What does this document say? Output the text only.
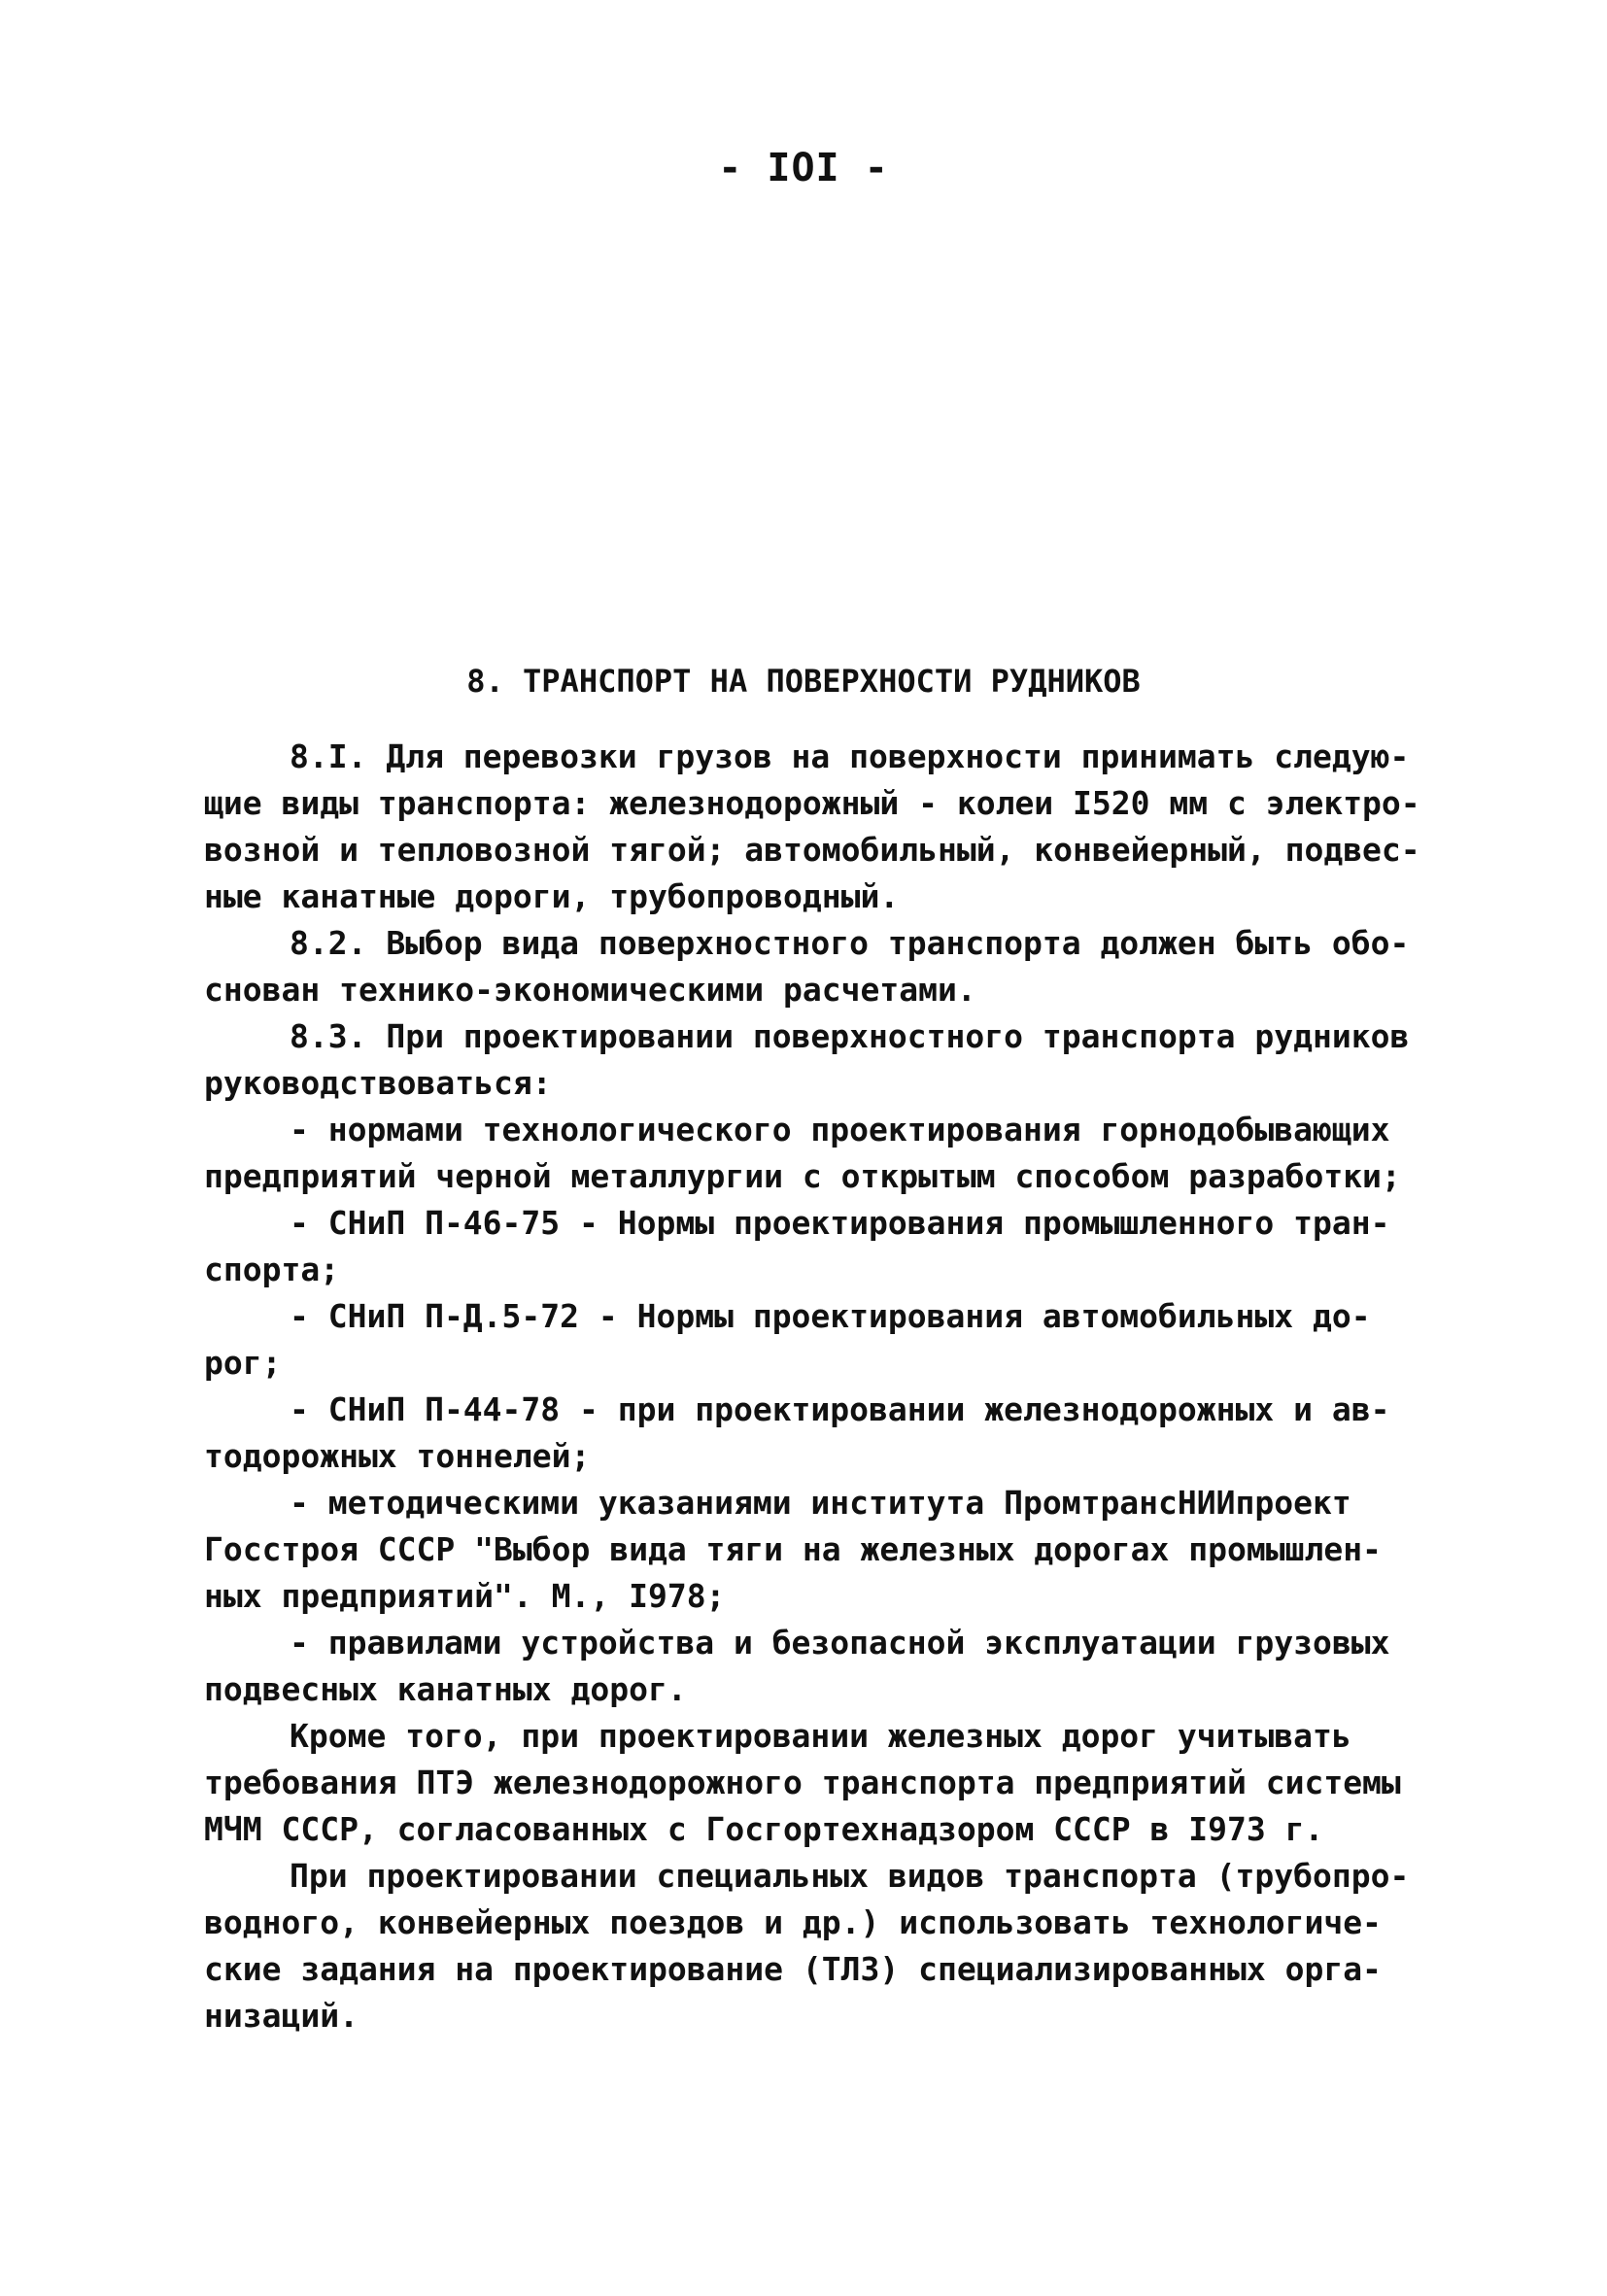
- IOI -
8. ТРАНСПОРТ НА ПОВЕРХНОСТИ РУДНИКОВ
8.I. Для перевозки грузов на поверхности принимать следую-
щие виды транспорта: железнодорожный - колеи I520 мм с электро-
возной и тепловозной тягой; автомобильный, конвейерный, подвес-
ные канатные дороги, трубопроводный.
8.2. Выбор вида поверхностного транспорта должен быть обо-
снован технико-экономическими расчетами.
8.3. При проектировании поверхностного транспорта рудников
руководствоваться:
- нормами технологического проектирования горнодобывающих
предприятий черной металлургии с открытым способом разработки;
- СНиП П-46-75 - Нормы проектирования промышленного тран-
спорта;
- СНиП П-Д.5-72 - Нормы проектирования автомобильных до-
рог;
- СНиП П-44-78 - при проектировании железнодорожных и ав-
тодорожных тоннелей;
- методическими указаниями института ПромтрансНИИпроект
Госстроя СССР "Выбор вида тяги на железных дорогах промышлен-
ных предприятий". М., I978;
- правилами устройства и безопасной эксплуатации грузовых
подвесных канатных дорог.
Кроме того, при проектировании железных дорог учитывать
требования ПТЭ железнодорожного транспорта предприятий системы
МЧМ СССР, согласованных с Госгортехнадзором СССР в I973 г.
При проектировании специальных видов транспорта (трубопро-
водного, конвейерных поездов и др.) использовать технологиче-
ские задания на проектирование (ТЛЗ) специализированных орга-
низаций.
